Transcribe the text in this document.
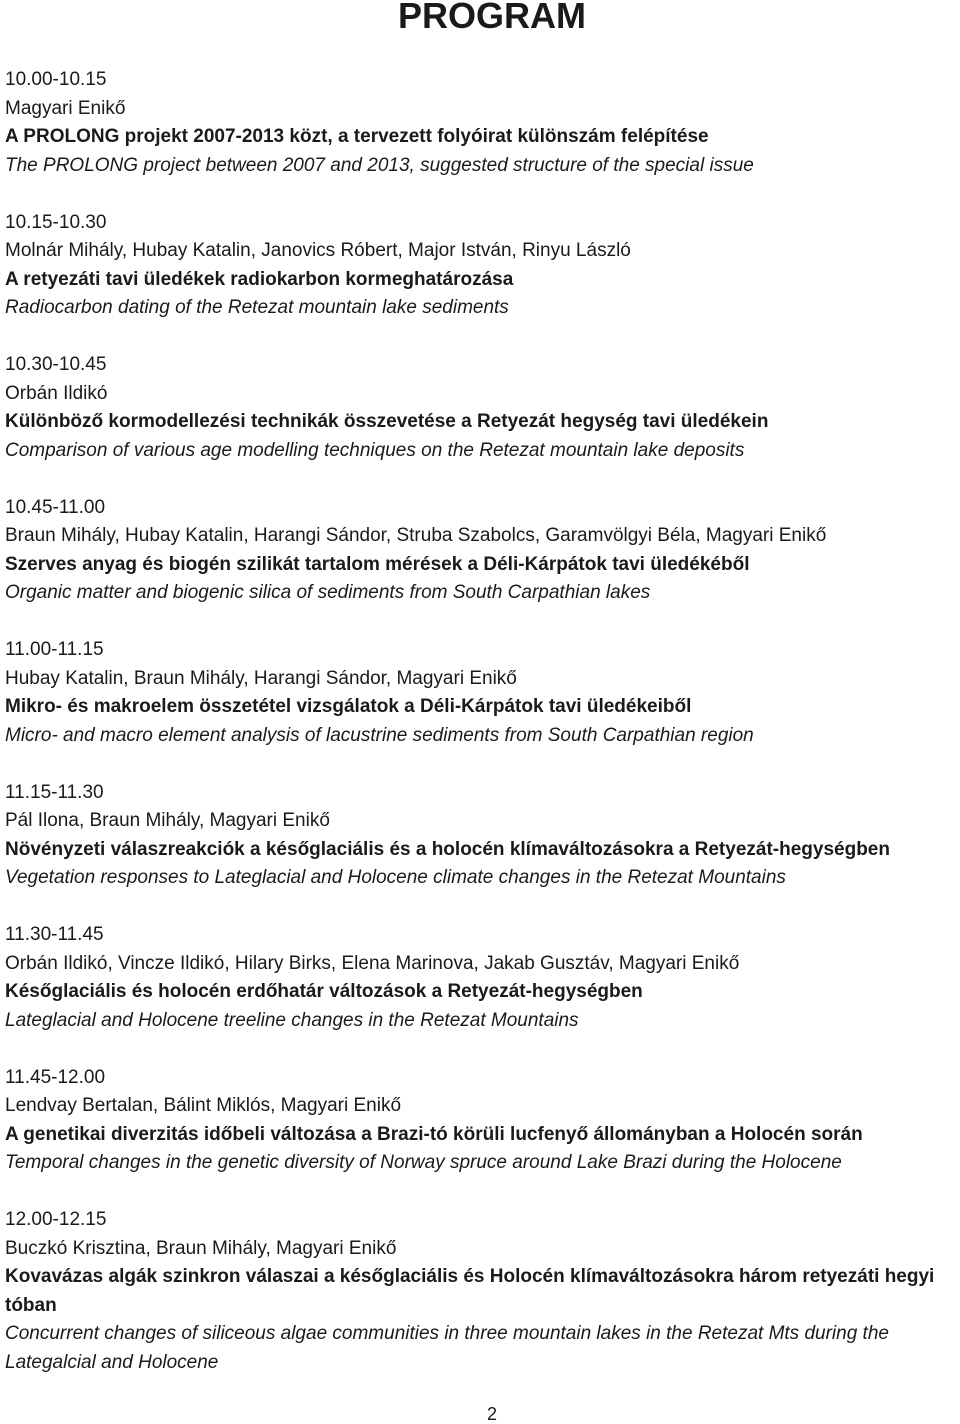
PROGRAM
10.00-10.15
Magyari Enikő
A PROLONG projekt 2007-2013 közt, a tervezett folyóirat különszám felépítése
The PROLONG project between 2007 and 2013, suggested structure of the special issue
10.15-10.30
Molnár Mihály, Hubay Katalin, Janovics Róbert, Major István, Rinyu László
A retyezáti tavi üledékek radiokarbon kormeghatározása
Radiocarbon dating of the Retezat mountain lake sediments
10.30-10.45
Orbán Ildikó
Különböző kormodellezési technikák összevetése a Retyezát hegység tavi üledékein
Comparison of various age modelling techniques on the Retezat mountain lake deposits
10.45-11.00
Braun Mihály, Hubay Katalin, Harangi Sándor, Struba Szabolcs, Garamvölgyi Béla, Magyari Enikő
Szerves anyag és biogén szilikát tartalom mérések a Déli-Kárpátok tavi üledékéből
Organic matter and biogenic silica of sediments from South Carpathian lakes
11.00-11.15
Hubay Katalin, Braun Mihály, Harangi Sándor, Magyari Enikő
Mikro- és makroelem összetétel vizsgálatok a Déli-Kárpátok tavi üledékeiből
Micro- and macro element analysis of lacustrine sediments from South Carpathian region
11.15-11.30
Pál Ilona, Braun Mihály, Magyari Enikő
Növényzeti válaszreakciók a későglaciális és a holocén klímaváltozásokra a Retyezát-hegységben
Vegetation responses to Lateglacial and Holocene climate changes in the Retezat Mountains
11.30-11.45
Orbán Ildikó, Vincze Ildikó, Hilary Birks, Elena Marinova, Jakab Gusztáv, Magyari Enikő
Későglaciális és holocén erdőhatár változások a Retyezát-hegységben
Lateglacial and Holocene treeline changes in the Retezat Mountains
11.45-12.00
Lendvay Bertalan, Bálint Miklós, Magyari Enikő
A genetikai diverzitás időbeli változása a Brazi-tó körüli lucfenyő állományban a Holocén során
Temporal changes in the genetic diversity of Norway spruce around Lake Brazi during the Holocene
12.00-12.15
Buczkó Krisztina, Braun Mihály, Magyari Enikő
Kovavázas algák szinkron válaszai a későglaciális és Holocén klímaváltozásokra három retyezáti hegyi tóban
Concurrent changes of siliceous algae communities in three mountain lakes in the Retezat Mts during the Lategalcial and Holocene
2
